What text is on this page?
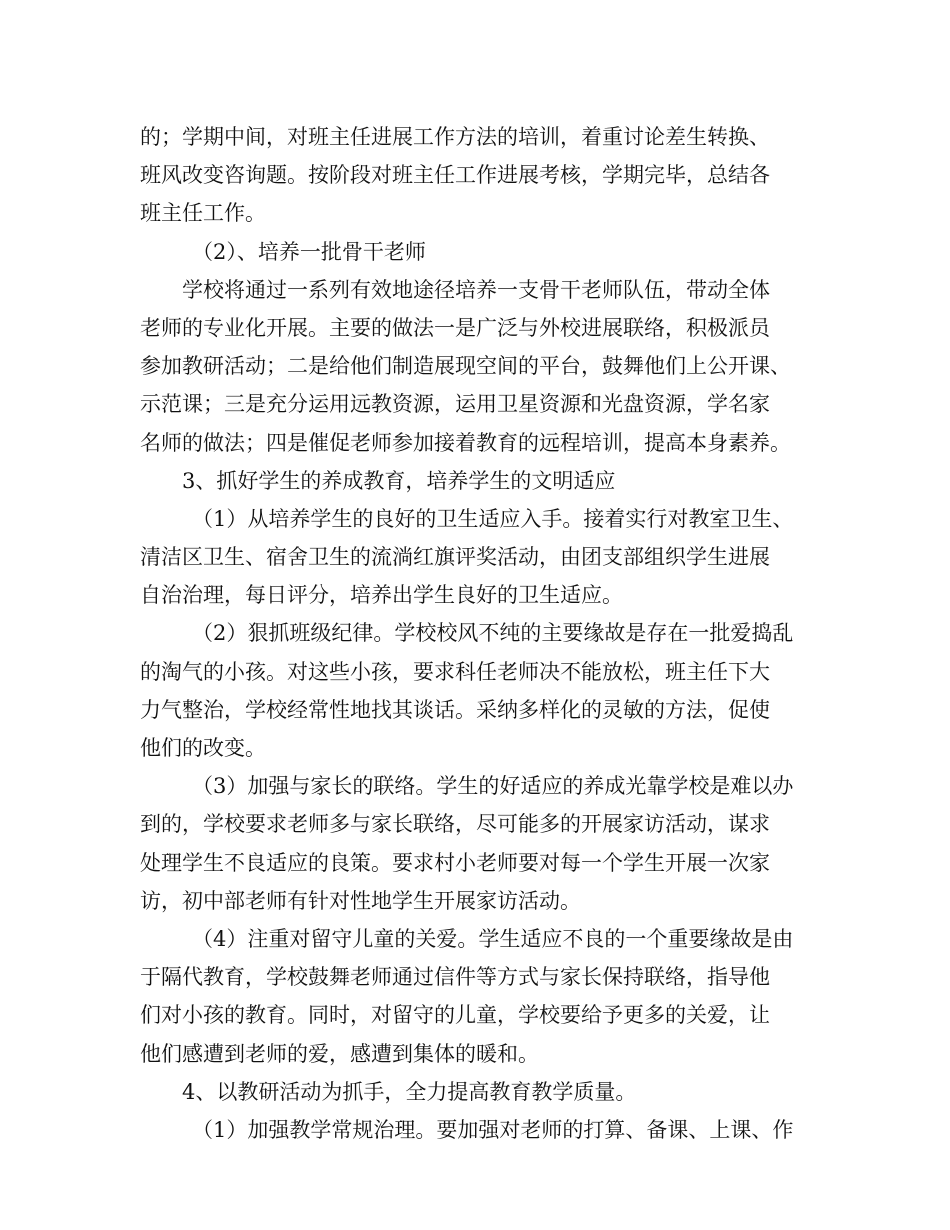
的；学期中间，对班主任进展工作方法的培训，着重讨论差生转换、

班风改变咨询题。按阶段对班主任工作进展考核，学期完毕，总结各

班主任工作。

（2）、培养一批骨干老师

学校将通过一系列有效地途径培养一支骨干老师队伍，带动全体

老师的专业化开展。主要的做法一是广泛与外校进展联络，积极派员

参加教研活动；二是给他们制造展现空间的平台，鼓舞他们上公开课、

示范课；三是充分运用远教资源，运用卫星资源和光盘资源，学名家

名师的做法；四是催促老师参加接着教育的远程培训，提高本身素养。

3、抓好学生的养成教育，培养学生的文明适应

（1）从培养学生的良好的卫生适应入手。接着实行对教室卫生、

清洁区卫生、宿舍卫生的流淌红旗评奖活动，由团支部组织学生进展

自治治理，每日评分，培养出学生良好的卫生适应。

（2）狠抓班级纪律。学校校风不纯的主要缘故是存在一批爱捣乱

的淘气的小孩。对这些小孩，要求科任老师决不能放松，班主任下大

力气整治，学校经常性地找其谈话。采纳多样化的灵敏的方法，促使

他们的改变。

（3）加强与家长的联络。学生的好适应的养成光靠学校是难以办

到的，学校要求老师多与家长联络，尽可能多的开展家访活动，谋求

处理学生不良适应的良策。要求村小老师要对每一个学生开展一次家

访，初中部老师有针对性地学生开展家访活动。

（4）注重对留守儿童的关爱。学生适应不良的一个重要缘故是由

于隔代教育，学校鼓舞老师通过信件等方式与家长保持联络，指导他

们对小孩的教育。同时，对留守的儿童，学校要给予更多的关爱，让

他们感遭到老师的爱，感遭到集体的暖和。

4、以教研活动为抓手，全力提高教育教学质量。

（1）加强教学常规治理。要加强对老师的打算、备课、上课、作
